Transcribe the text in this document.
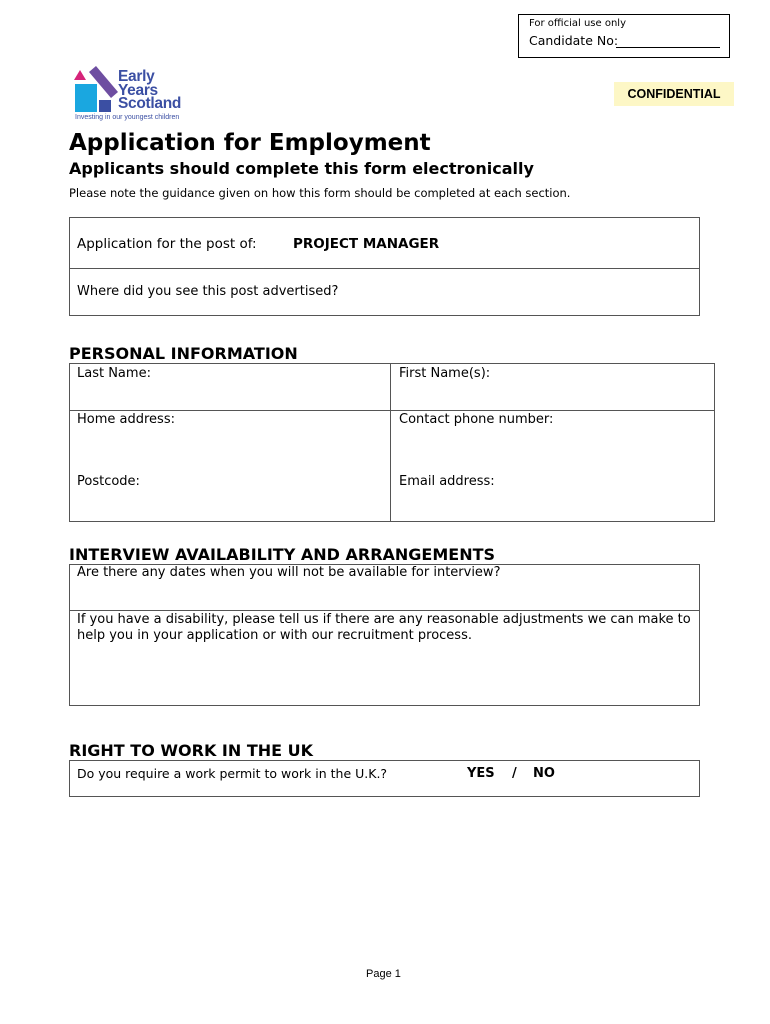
For official use only
Candidate No:
Early
Years
Scotland
Investing in our youngest children
CONFIDENTIAL
Application for Employment
Applicants should complete this form electronically
Please note the guidance given on how this form should be completed at each section.
Application for the post of:	PROJECT MANAGER
Where did you see this post advertised?
PERSONAL INFORMATION
Last Name:	First Name(s):
Home address:	Contact phone number:
Postcode:	Email address:
INTERVIEW AVAILABILITY AND ARRANGEMENTS
Are there any dates when you will not be available for interview?
If you have a disability, please tell us if there are any reasonable adjustments we can make to help you in your application or with our recruitment process.
RIGHT TO WORK IN THE UK
Do you require a work permit to work in the U.K.?	YES / NO
Page 1
